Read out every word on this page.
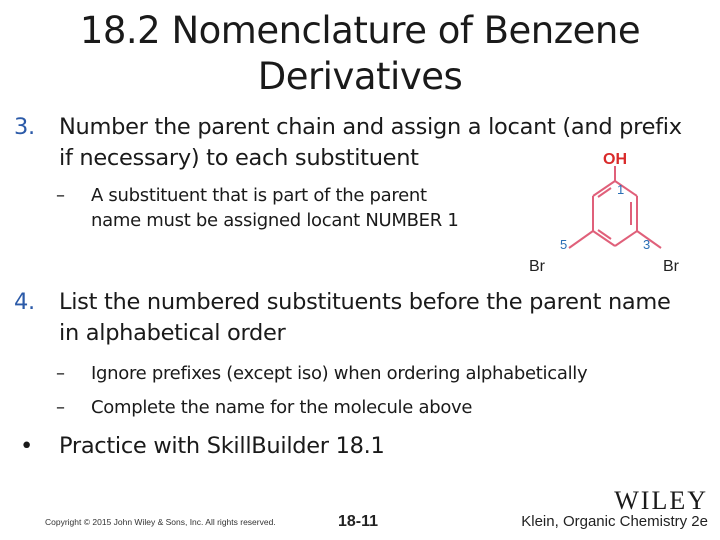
18.2 Nomenclature of Benzene
Derivatives
3. Number the parent chain and assign a locant (and prefix
if necessary) to each substituent
– A substituent that is part of the parent
name must be assigned locant NUMBER 1
OH
1
3
5
Br	Br
4. List the numbered substituents before the parent name
in alphabetical order
– Ignore prefixes (except iso) when ordering alphabetically
– Complete the name for the molecule above
• Practice with SkillBuilder 18.1
WILEY
Copyright © 2015 John Wiley & Sons, Inc. All rights reserved.	18-11	Klein, Organic Chemistry 2e
